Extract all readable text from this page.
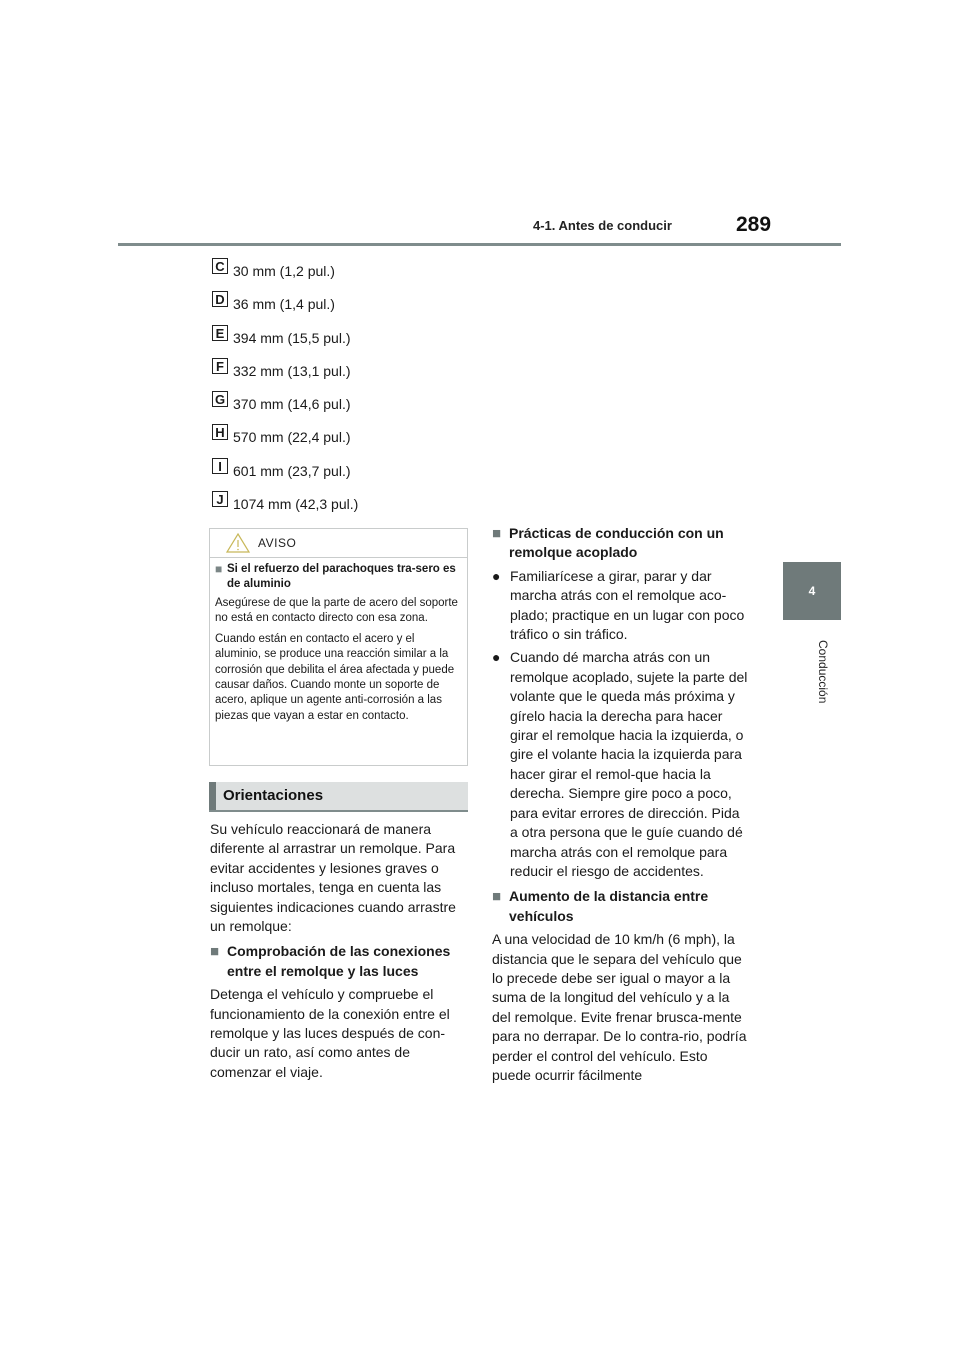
4-1. Antes de conducir	289
4
Conducción
C 30 mm (1,2 pul.)
D 36 mm (1,4 pul.)
E 394 mm (15,5 pul.)
F 332 mm (13,1 pul.)
G 370 mm (14,6 pul.)
H 570 mm (22,4 pul.)
I 601 mm (23,7 pul.)
J 1074 mm (42,3 pul.)
AVISO
■ Si el refuerzo del parachoques tra-sero es de aluminio

Asegúrese de que la parte de acero del soporte no está en contacto directo con esa zona.

Cuando están en contacto el acero y el aluminio, se produce una reacción similar a la corrosión que debilita el área afectada y puede causar daños. Cuando monte un soporte de acero, aplique un agente anti-corrosión a las piezas que vayan a estar en contacto.

Orientaciones

Su vehículo reaccionará de manera diferente al arrastrar un remolque. Para evitar accidentes y lesiones graves o incluso mortales, tenga en cuenta las siguientes indicaciones cuando arrastre un remolque:

■ Comprobación de las conexiones entre el remolque y las luces

Detenga el vehículo y compruebe el funcionamiento de la conexión entre el remolque y las luces después de con-ducir un rato, así como antes de comenzar el viaje.

■ Prácticas de conducción con un remolque acoplado
● Familiarícese a girar, parar y dar marcha atrás con el remolque aco-plado; practique en un lugar con poco tráfico o sin tráfico.
● Cuando dé marcha atrás con un remolque acoplado, sujete la parte del volante que le queda más próxima y gírelo hacia la derecha para hacer girar el remolque hacia la izquierda, o gire el volante hacia la izquierda para hacer girar el remol-que hacia la derecha. Siempre gire poco a poco, para evitar errores de dirección. Pida a otra persona que le guíe cuando dé marcha atrás con el remolque para reducir el riesgo de accidentes.
■ Aumento de la distancia entre vehículos

A una velocidad de 10 km/h (6 mph), la distancia que le separa del vehículo que lo precede debe ser igual o mayor a la suma de la longitud del vehículo y a la del remolque. Evite frenar brusca-mente para no derrapar. De lo contra-rio, podría perder el control del vehículo. Esto puede ocurrir fácilmente
